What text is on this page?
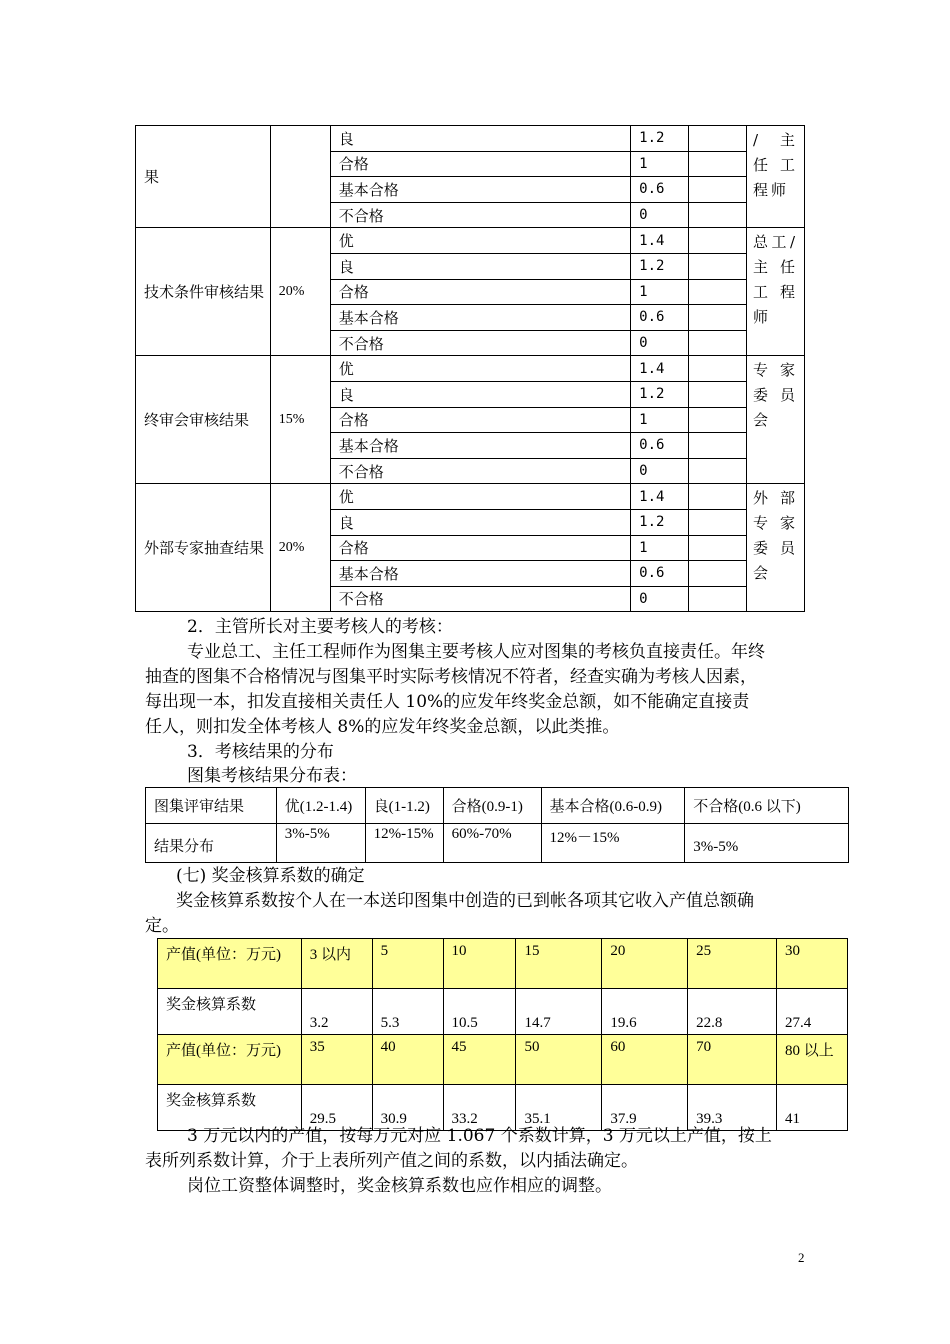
果		良	1.2		/ 主任工程师
		合格	1		
		基本合格	0.6		
		不合格	0		
技术条件审核结果	20%	优	1.4		总工/主任工程师
		良	1.2		
		合格	1		
		基本合格	0.6		
		不合格	0		
终审会审核结果	15%	优	1.4		专家委员会
		良	1.2		
		合格	1		
		基本合格	0.6		
		不合格	0		
外部专家抽查结果	20%	优	1.4		外部专家委员会
		良	1.2		
		合格	1		
		基本合格	0.6		
		不合格	0		
2．主管所长对主要考核人的考核：
专业总工、主任工程师作为图集主要考核人应对图集的考核负直接责任。年终
抽查的图集不合格情况与图集平时实际考核情况不符者，经查实确为考核人因素，
每出现一本，扣发直接相关责任人 10%的应发年终奖金总额，如不能确定直接责
任人，则扣发全体考核人 8%的应发年终奖金总额，以此类推。
3．考核结果的分布
图集考核结果分布表：
图集评审结果	优(1.2-1.4)	良(1-1.2)	合格(0.9-1)	基本合格(0.6-0.9)	不合格(0.6 以下)
结果分布	3%-5%	12%-15%	60%-70%	12%－15%	3%-5%
(七) 奖金核算系数的确定
奖金核算系数按个人在一本送印图集中创造的已到帐各项其它收入产值总额确
定。
产值(单位：万元)	3 以内	5	10	15	20	25	30
奖金核算系数	3.2	5.3	10.5	14.7	19.6	22.8	27.4
产值(单位：万元)	35	40	45	50	60	70	80 以上
奖金核算系数	29.5	30.9	33.2	35.1	37.9	39.3	41
3 万元以内的产值，按每万元对应 1.067 个系数计算，3 万元以上产值，按上
表所列系数计算，介于上表所列产值之间的系数，以内插法确定。
岗位工资整体调整时，奖金核算系数也应作相应的调整。
2
